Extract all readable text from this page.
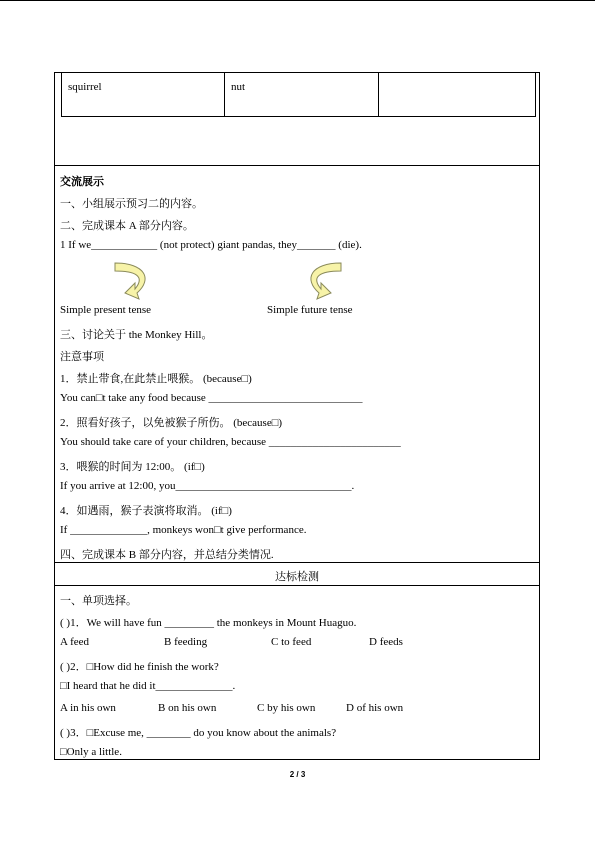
squirrel	nut
交流展示
一、小组展示预习二的内容。
二、完成课本 A 部分内容。
1 If we____________ (not protect) giant pandas, they_______ (die).
Simple present tense	Simple future tense
三、讨论关于 the Monkey Hill。
注意事项
1．禁止带食,在此禁止喂猴。 (because□)
You can□t take any food because ____________________________
2．照看好孩子，以免被猴子所伤。 (because□)
You should take care of your children, because ________________________
3．喂猴的时间为 12:00。 (if□)
If you arrive at 12:00, you________________________________.
4．如遇雨，猴子表演将取消。 (if□)
If ______________, monkeys won□t give performance.
四、完成课本 B 部分内容，并总结分类情况.
达标检测
一、单项选择。
( )1．We will have fun _________ the monkeys in Mount Huaguo.
A feed	B feeding	C to feed	D feeds
( )2．□How did he finish the work?
□I heard that he did it______________.
A in his own	B on his own	C by his own	D of his own
( )3．□Excuse me, ________ do you know about the animals?
□Only a little.
2 / 3
